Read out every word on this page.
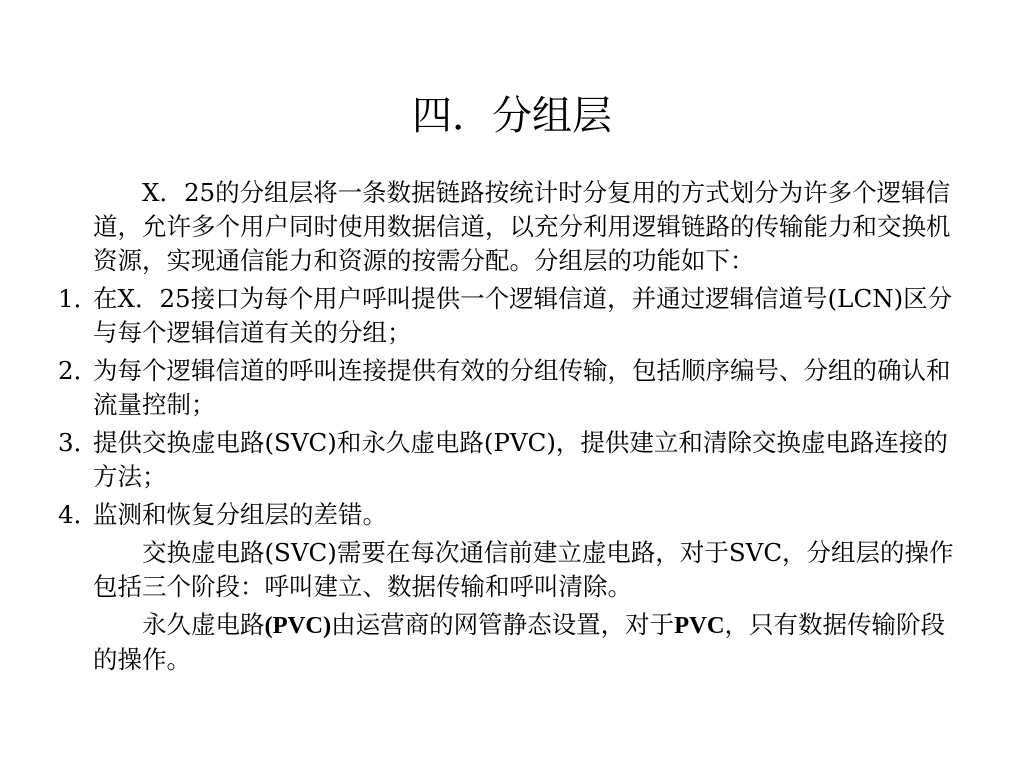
四．分组层

X．25的分组层将一条数据链路按统计时分复用的方式划分为许多个逻辑信道，允许多个用户同时使用数据信道，以充分利用逻辑链路的传输能力和交换机资源，实现通信能力和资源的按需分配。分组层的功能如下：

1．在X．25接口为每个用户呼叫提供一个逻辑信道，并通过逻辑信道号(LCN)区分与每个逻辑信道有关的分组；

2．为每个逻辑信道的呼叫连接提供有效的分组传输，包括顺序编号、分组的确认和流量控制；

3．提供交换虚电路(SVC)和永久虚电路(PVC)，提供建立和清除交换虚电路连接的方法；

4．监测和恢复分组层的差错。

交换虚电路(SVC)需要在每次通信前建立虚电路，对于SVC，分组层的操作包括三个阶段：呼叫建立、数据传输和呼叫清除。

永久虚电路(PVC)由运营商的网管静态设置，对于PVC，只有数据传输阶段的操作。
